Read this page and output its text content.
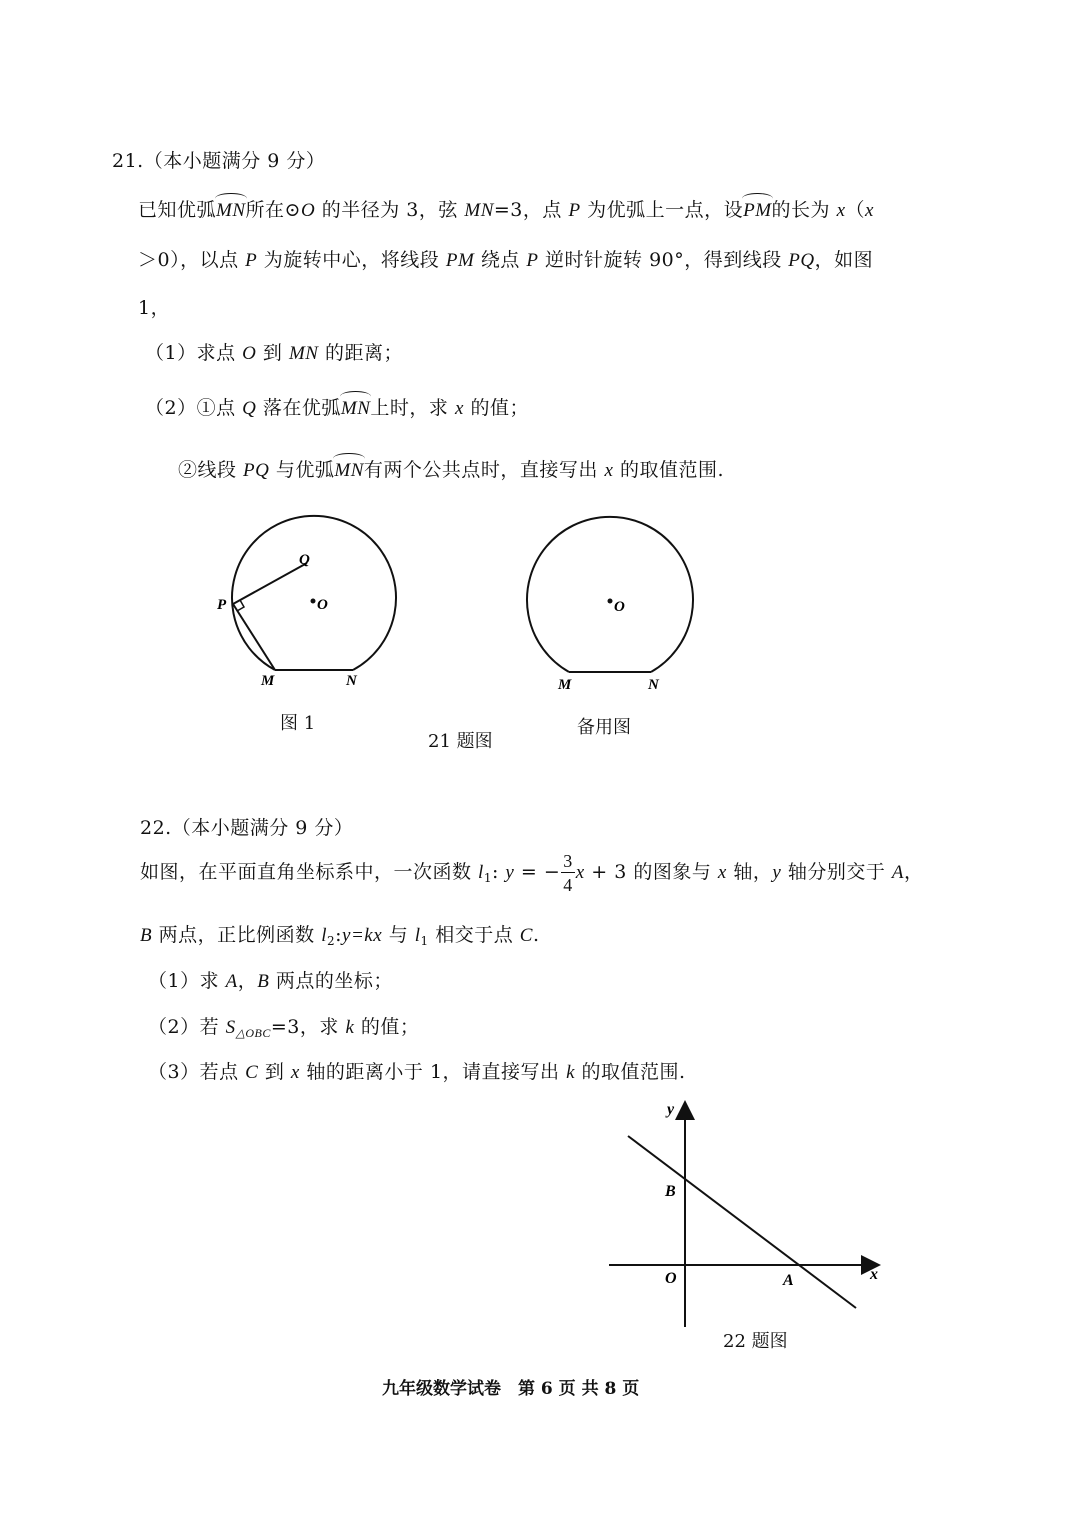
21.（本小题满分 9 分）
已知优弧MN所在⊙O 的半径为 3，弦 MN=3，点 P 为优弧上一点，设PM的长为 x（x
＞0），以点 P 为旋转中心，将线段 PM 绕点 P 逆时针旋转 90°，得到线段 PQ，如图
1，
（1）求点 O 到 MN 的距离；
（2）①点 Q 落在优弧MN上时，求 x 的值；
②线段 PQ 与优弧MN有两个公共点时，直接写出 x 的取值范围.
Q
P	O
M	N
图 1
O
M	N
备用图
21 题图
22.（本小题满分 9 分）
如图，在平面直角坐标系中，一次函数 $l_1$: y = − $\frac{3}{4}$ x + 3 的图象与 x 轴，y 轴分别交于 A，
B 两点，正比例函数 $l_2:y=kx$ 与 $l_1$ 相交于点 C.
（1）求 A，B 两点的坐标；
（2）若 $S_{\triangle OBC}=3$，求 k 的值；
（3）若点 C 到 x 轴的距离小于 1，请直接写出 k 的取值范围.
y
x
B
O	A
22 题图
九年级数学试卷　第 6 页 共 8 页
